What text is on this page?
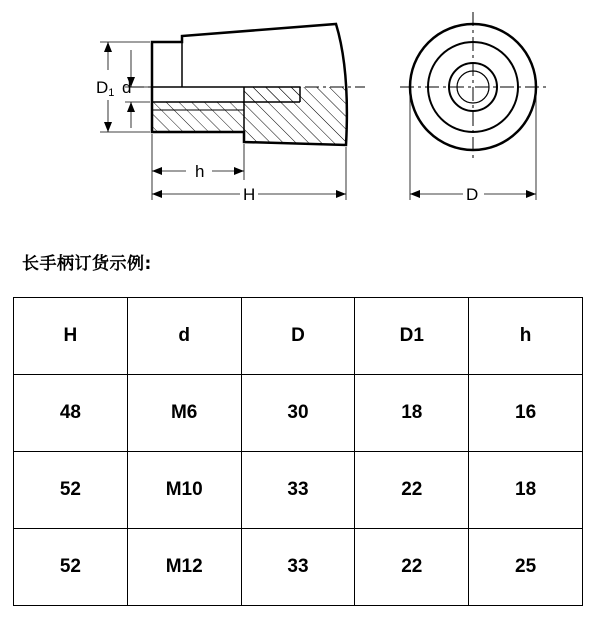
D1 d
h
H	D
长手柄订货示例:
H	d	D	D1	h
48	M6	30	18	16
52	M10	33	22	18
52	M12	33	22	25
